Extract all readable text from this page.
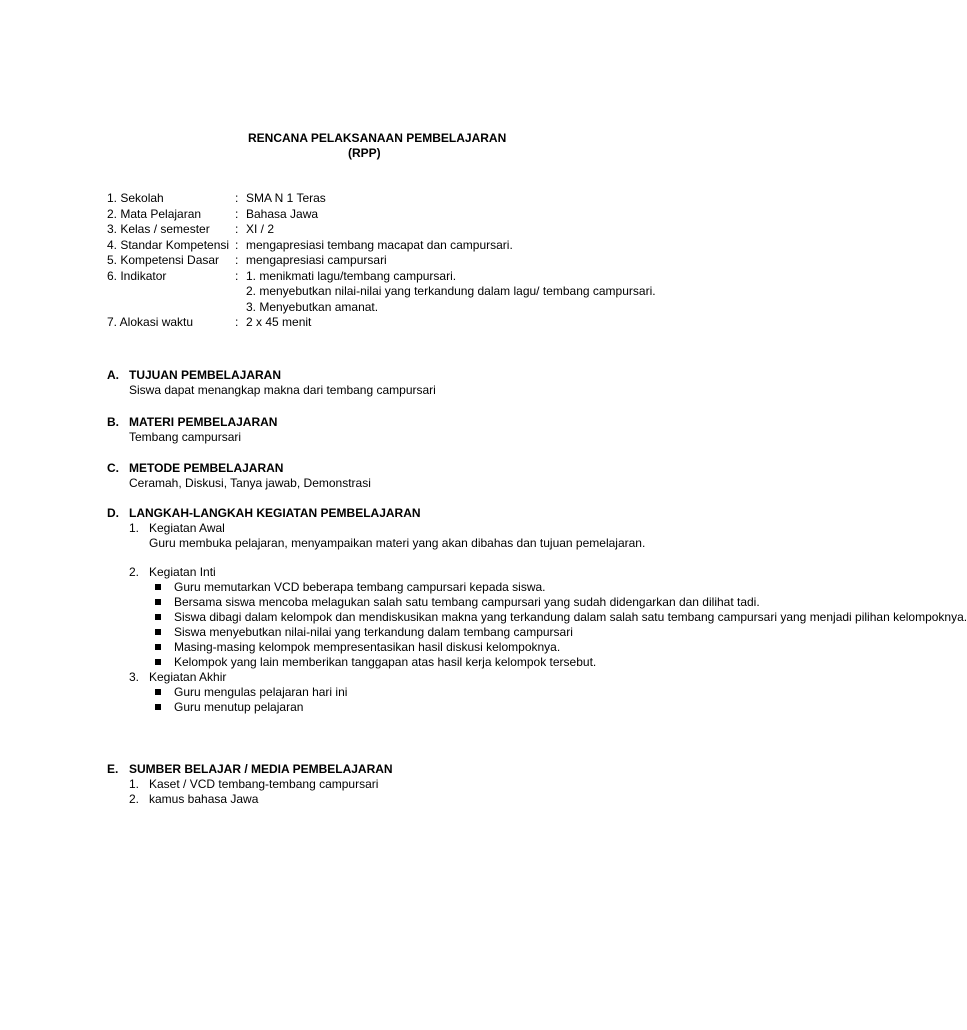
RENCANA PELAKSANAAN PEMBELAJARAN
(RPP)
1. Sekolah	: SMA N 1 Teras
2. Mata Pelajaran	: Bahasa Jawa
3. Kelas / semester : XI / 2
4. Standar Kompetensi : mengapresiasi tembang macapat dan campursari.
5. Kompetensi Dasar : mengapresiasi campursari
6. Indikator	: 1. menikmati lagu/tembang campursari.
2. menyebutkan nilai-nilai yang terkandung dalam lagu/ tembang campursari.
3. Menyebutkan amanat.
7. Alokasi waktu	: 2 x 45 menit
A. TUJUAN PEMBELAJARAN
Siswa dapat menangkap makna dari tembang campursari
B. MATERI PEMBELAJARAN
Tembang campursari
C. METODE PEMBELAJARAN
Ceramah, Diskusi, Tanya jawab, Demonstrasi
D. LANGKAH-LANGKAH KEGIATAN PEMBELAJARAN
1. Kegiatan Awal
Guru membuka pelajaran, menyampaikan materi yang akan dibahas dan tujuan pemelajaran.
2. Kegiatan Inti
Guru memutarkan VCD beberapa tembang campursari kepada siswa.
Bersama siswa mencoba melagukan salah satu tembang campursari yang sudah didengarkan dan dilihat tadi.
Siswa dibagi dalam kelompok dan mendiskusikan makna yang terkandung dalam salah satu tembang campursari yang menjadi pilihan kelompoknya.
Siswa menyebutkan nilai-nilai yang terkandung dalam tembang campursari
Masing-masing kelompok mempresentasikan hasil diskusi kelompoknya.
Kelompok yang lain memberikan tanggapan atas hasil kerja kelompok tersebut.
3. Kegiatan Akhir
Guru mengulas pelajaran hari ini
Guru menutup pelajaran
E. SUMBER BELAJAR / MEDIA PEMBELAJARAN
1. Kaset / VCD tembang-tembang campursari
2. kamus bahasa Jawa
